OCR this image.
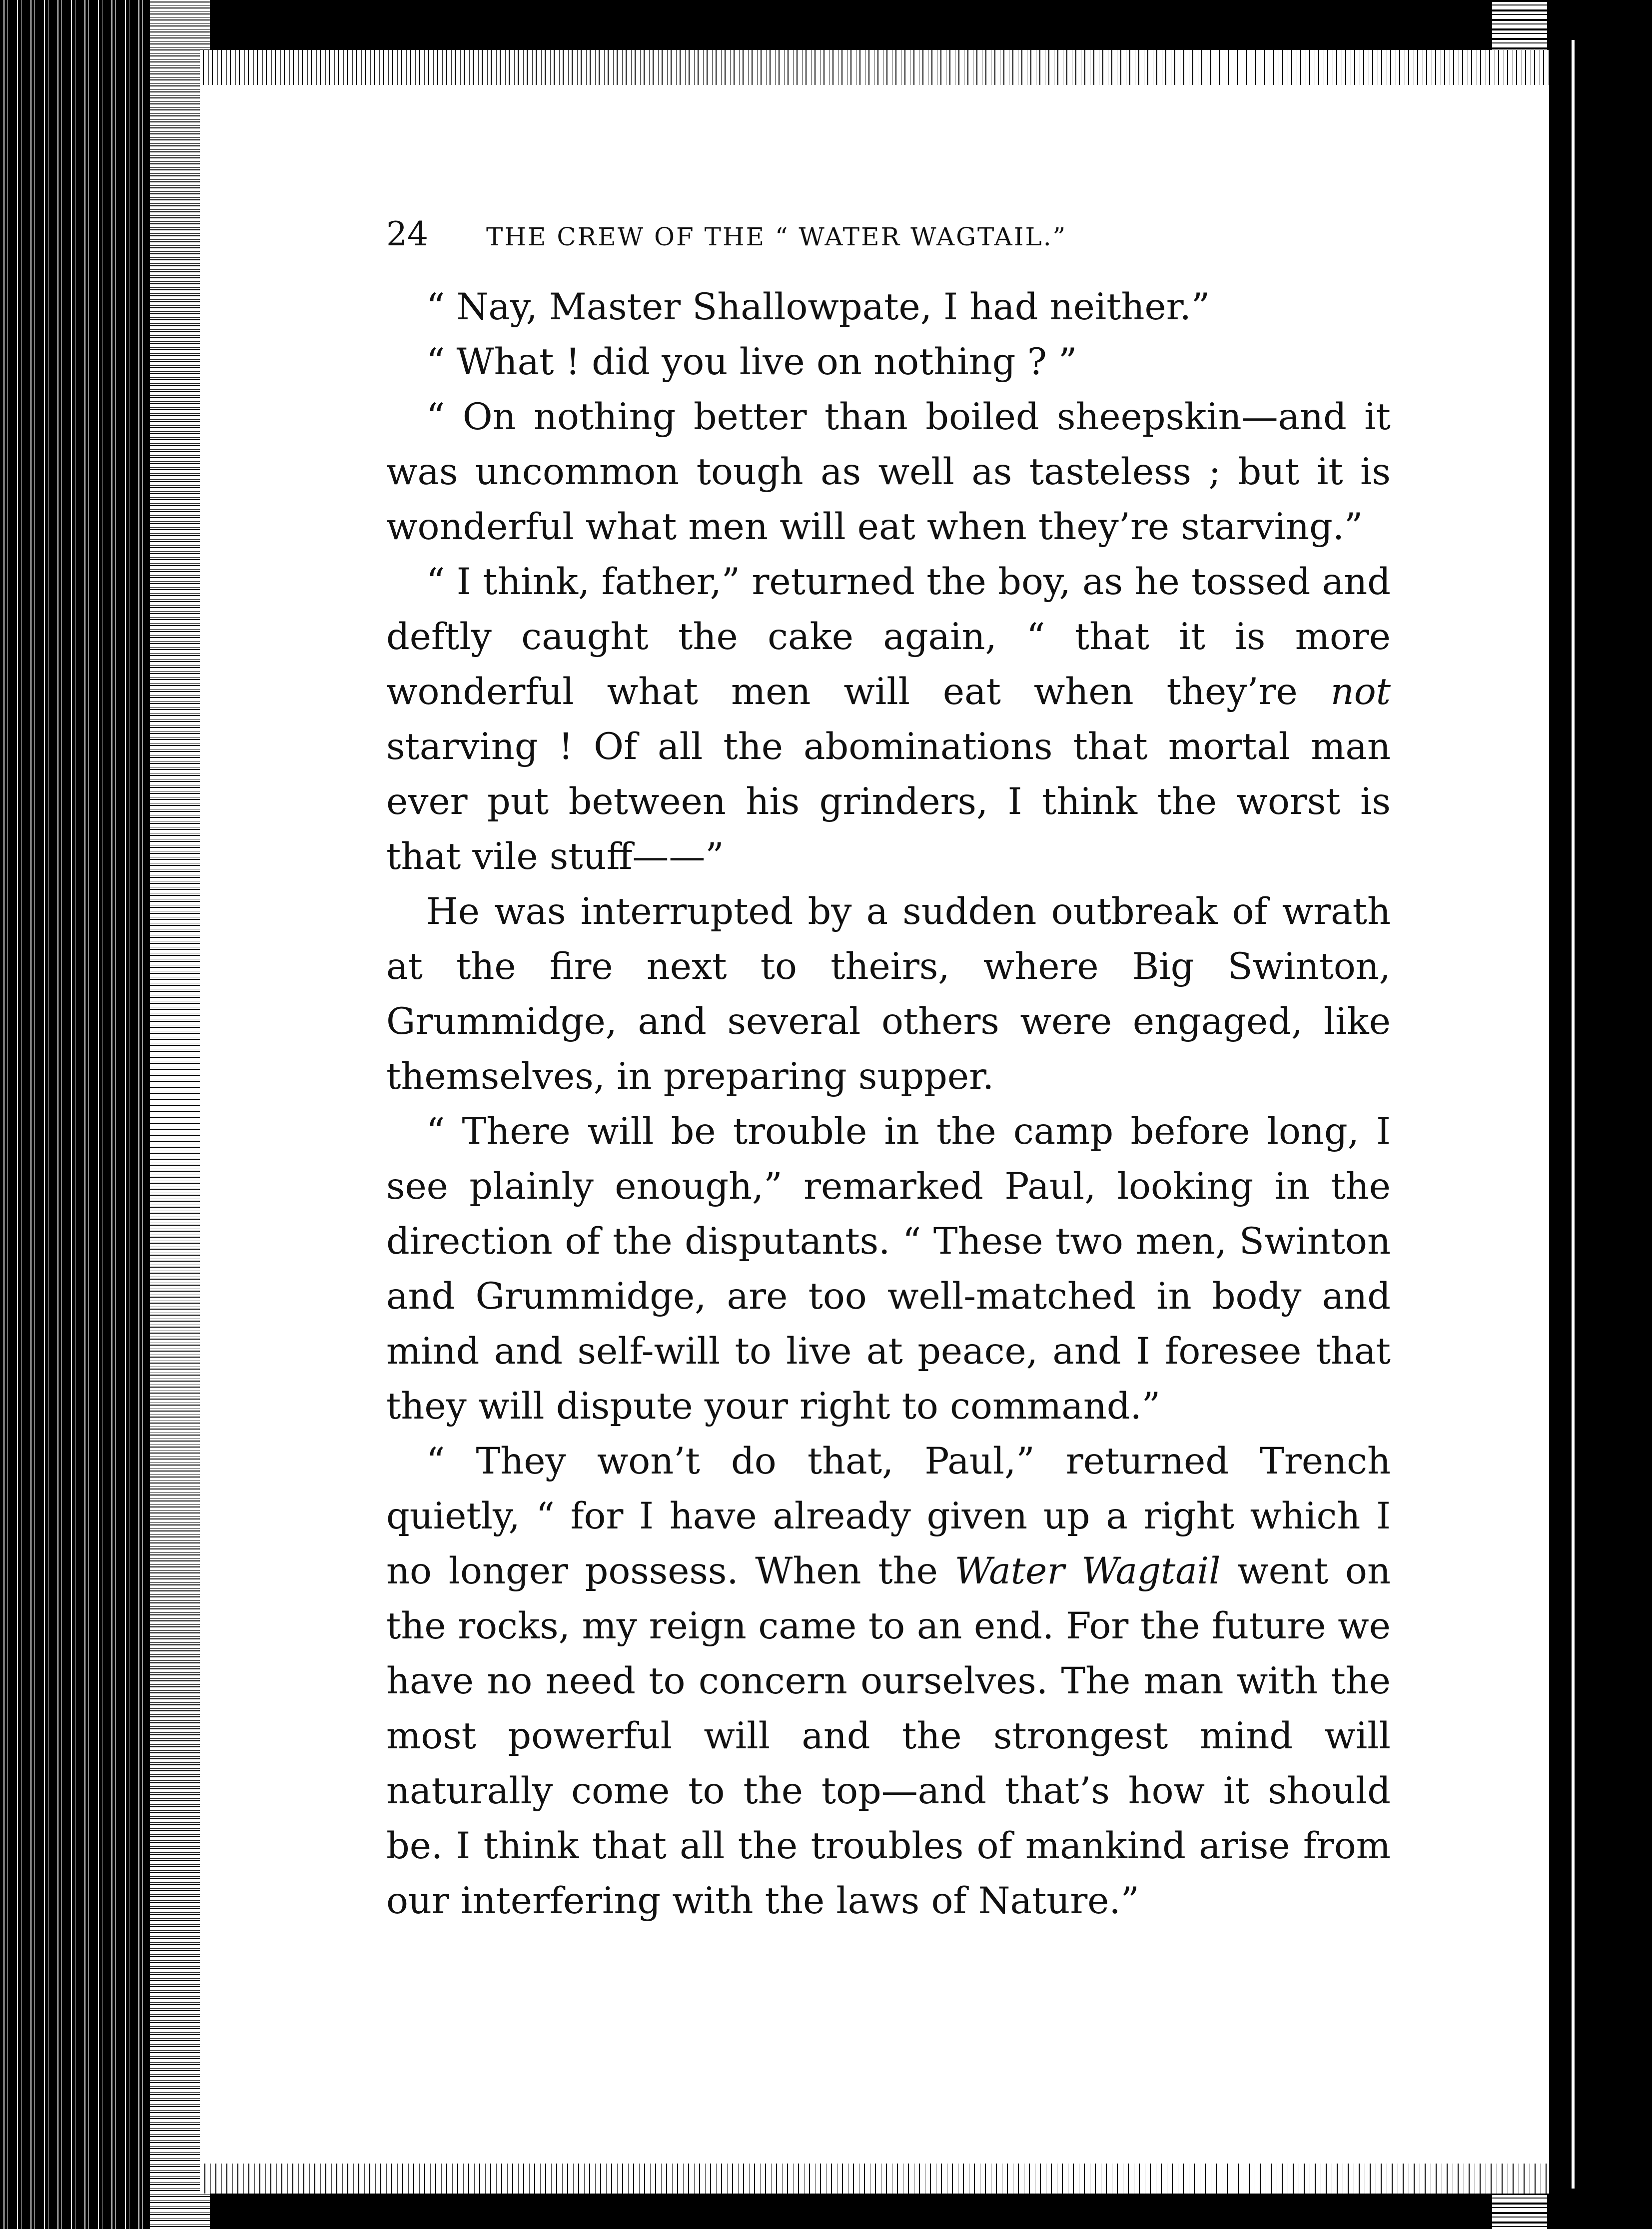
24	THE CREW OF THE “ WATER WAGTAIL.”

“ Nay, Master Shallowpate, I had neither.”

“ What ! did you live on nothing ? ”

“ On nothing better than boiled sheepskin—and it was uncommon tough as well as tasteless ; but it is wonderful what men will eat when they’re starving.”

“ I think, father,” returned the boy, as he tossed and deftly caught the cake again, “ that it is more wonderful what men will eat when they’re not starving ! Of all the abominations that mortal man ever put between his grinders, I think the worst is that vile stuff——”

He was interrupted by a sudden outbreak of wrath at the fire next to theirs, where Big Swinton, Grummidge, and several others were engaged, like themselves, in preparing supper.

“ There will be trouble in the camp before long, I see plainly enough,” remarked Paul, looking in the direction of the disputants. “ These two men, Swinton and Grummidge, are too well-matched in body and mind and self-will to live at peace, and I foresee that they will dispute your right to command.”

“ They won’t do that, Paul,” returned Trench quietly, “ for I have already given up a right which I no longer possess. When the Water Wagtail went on the rocks, my reign came to an end. For the future we have no need to concern ourselves. The man with the most powerful will and the strongest mind will naturally come to the top—and that’s how it should be. I think that all the troubles of mankind arise from our interfering with the laws of Nature.”
